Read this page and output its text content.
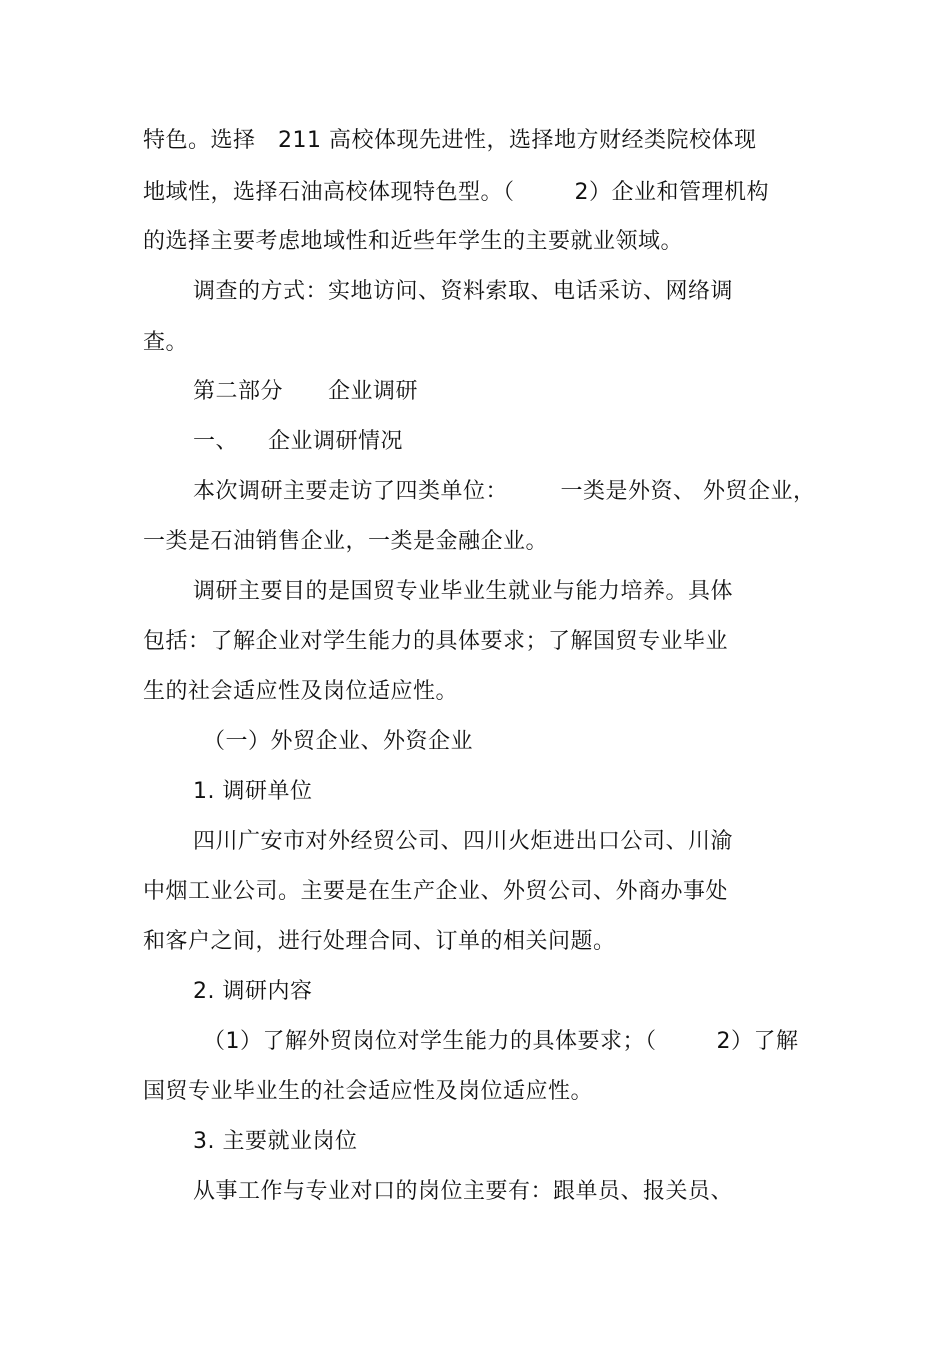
特色。选择   211 高校体现先进性，选择地方财经类院校体现
地域性，选择石油高校体现特色型。（        2）企业和管理机构
的选择主要考虑地域性和近些年学生的主要就业领域。
调查的方式：实地访问、资料索取、电话采访、网络调
查。
第二部分      企业调研
一、    企业调研情况
本次调研主要走访了四类单位：       一类是外资、 外贸企业，
一类是石油销售企业，一类是金融企业。
调研主要目的是国贸专业毕业生就业与能力培养。具体
包括：了解企业对学生能力的具体要求；了解国贸专业毕业
生的社会适应性及岗位适应性。
（一）外贸企业、外资企业
1. 调研单位
四川广安市对外经贸公司、四川火炬进出口公司、川渝
中烟工业公司。主要是在生产企业、外贸公司、外商办事处
和客户之间，进行处理合同、订单的相关问题。
2. 调研内容
（1）了解外贸岗位对学生能力的具体要求；（        2）了解
国贸专业毕业生的社会适应性及岗位适应性。
3. 主要就业岗位
从事工作与专业对口的岗位主要有：跟单员、报关员、
